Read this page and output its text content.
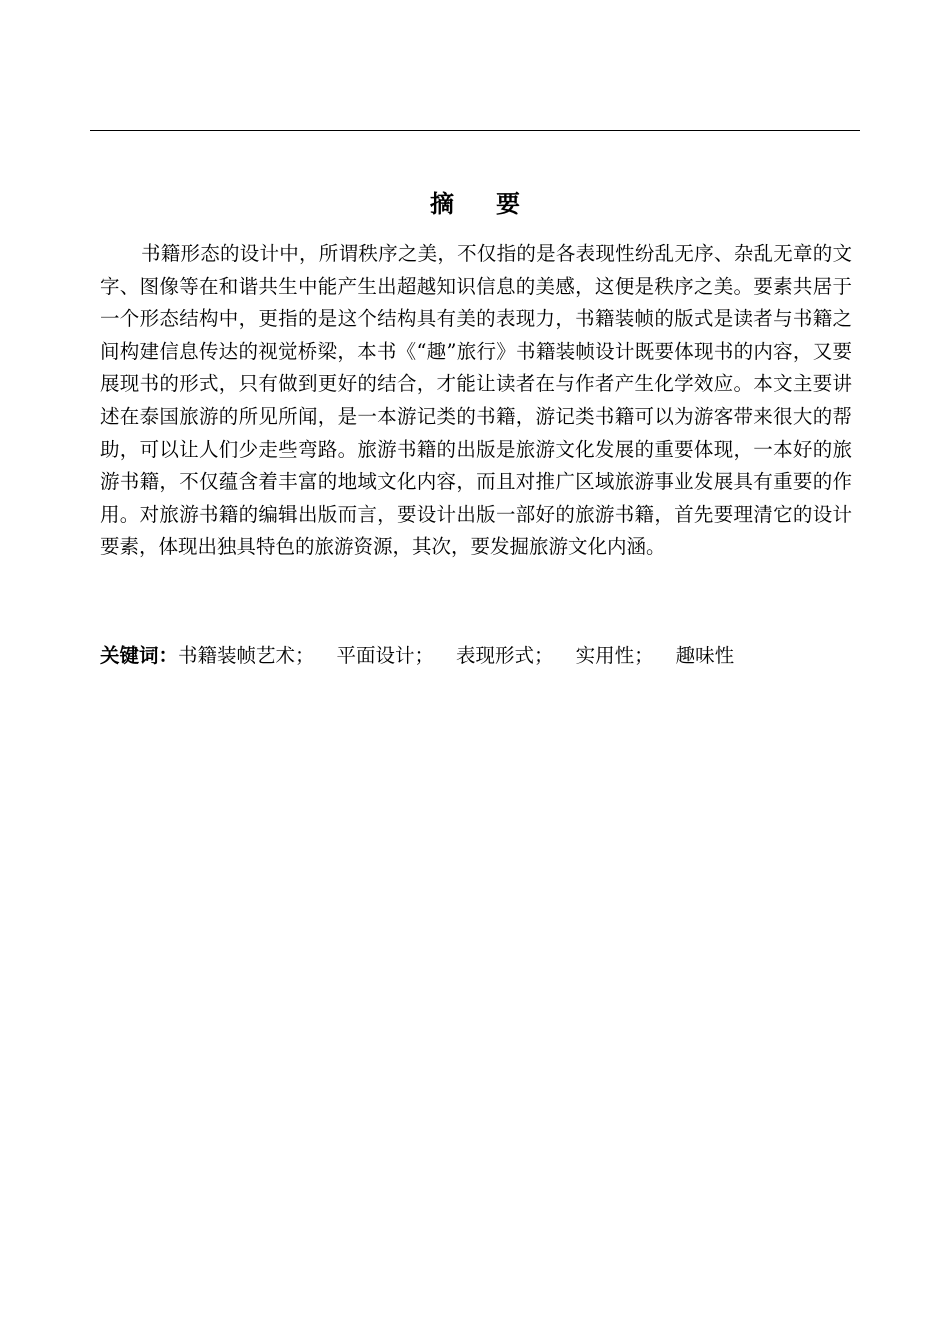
摘要

书籍形态的设计中，所谓秩序之美，不仅指的是各表现性纷乱无序、杂乱无章的文字、图像等在和谐共生中能产生出超越知识信息的美感，这便是秩序之美。要素共居于一个形态结构中，更指的是这个结构具有美的表现力，书籍装帧的版式是读者与书籍之间构建信息传达的视觉桥梁，本书《“趣”旅行》书籍装帧设计既要体现书的内容，又要展现书的形式，只有做到更好的结合，才能让读者在与作者产生化学效应。本文主要讲述在泰国旅游的所见所闻，是一本游记类的书籍，游记类书籍可以为游客带来很大的帮助，可以让人们少走些弯路。旅游书籍的出版是旅游文化发展的重要体现，一本好的旅游书籍，不仅蕴含着丰富的地域文化内容，而且对推广区域旅游事业发展具有重要的作用。对旅游书籍的编辑出版而言，要设计出版一部好的旅游书籍，首先要理清它的设计要素，体现出独具特色的旅游资源，其次，要发掘旅游文化内涵。

关键词：书籍装帧艺术； 平面设计； 表现形式； 实用性； 趣味性
